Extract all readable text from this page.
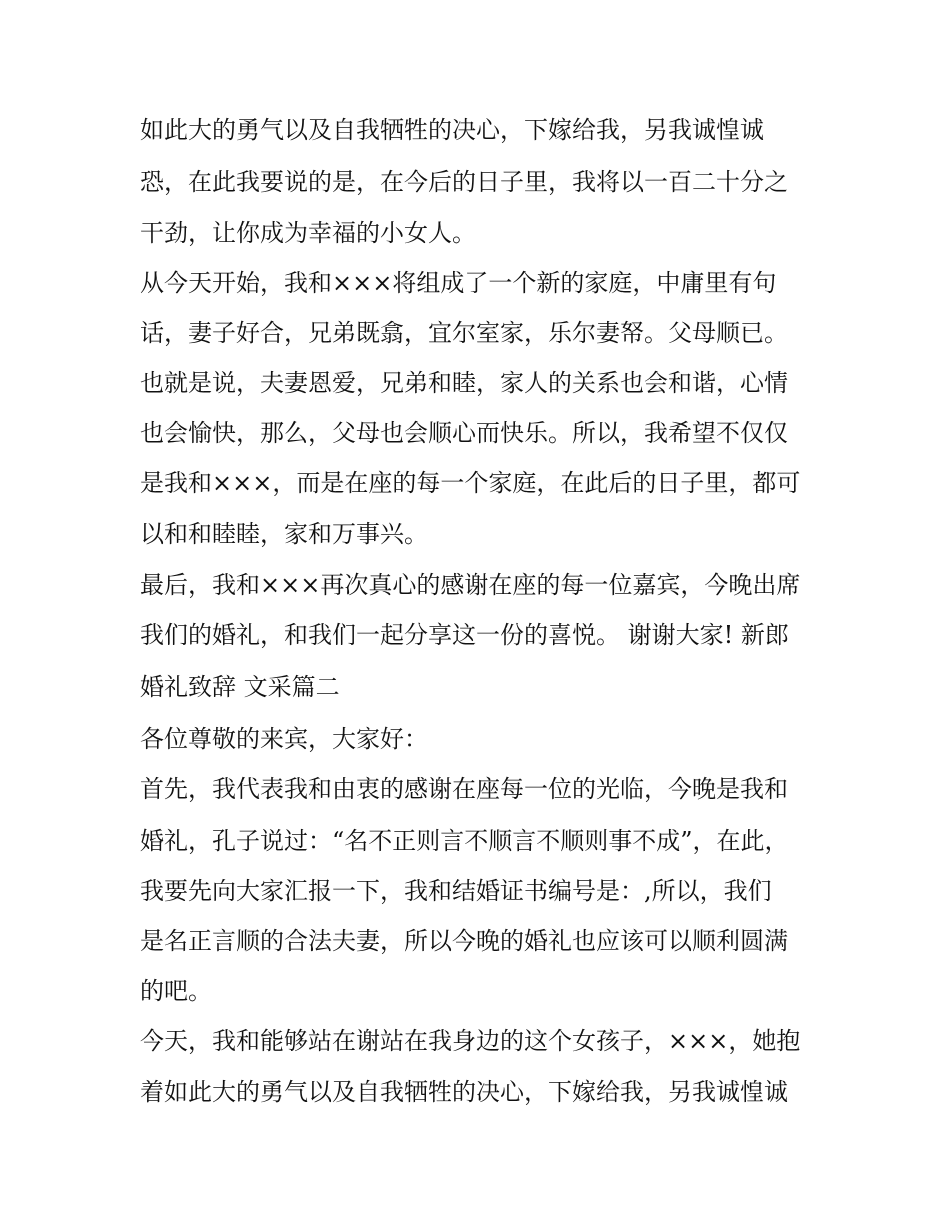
如此大的勇气以及自我牺牲的决心，下嫁给我，另我诚惶诚
恐，在此我要说的是，在今后的日子里，我将以一百二十分之
干劲，让你成为幸福的小女人。
从今天开始，我和×××将组成了一个新的家庭，中庸里有句
话，妻子好合，兄弟既翕，宜尔室家，乐尔妻帑。父母顺已。
也就是说，夫妻恩爱，兄弟和睦，家人的关系也会和谐，心情
也会愉快，那么，父母也会顺心而快乐。所以，我希望不仅仅
是我和×××，而是在座的每一个家庭，在此后的日子里，都可
以和和睦睦，家和万事兴。
最后，我和×××再次真心的感谢在座的每一位嘉宾，今晚出席
我们的婚礼，和我们一起分享这一份的喜悦。 谢谢大家! 新郎
婚礼致辞 文采篇二
各位尊敬的来宾，大家好：
首先，我代表我和由衷的感谢在座每一位的光临，今晚是我和
婚礼，孔子说过：“名不正则言不顺言不顺则事不成”，在此，
我要先向大家汇报一下，我和结婚证书编号是：,所以，我们
是名正言顺的合法夫妻，所以今晚的婚礼也应该可以顺利圆满
的吧。
今天，我和能够站在谢站在我身边的这个女孩子，×××，她抱
着如此大的勇气以及自我牺牲的决心，下嫁给我，另我诚惶诚
